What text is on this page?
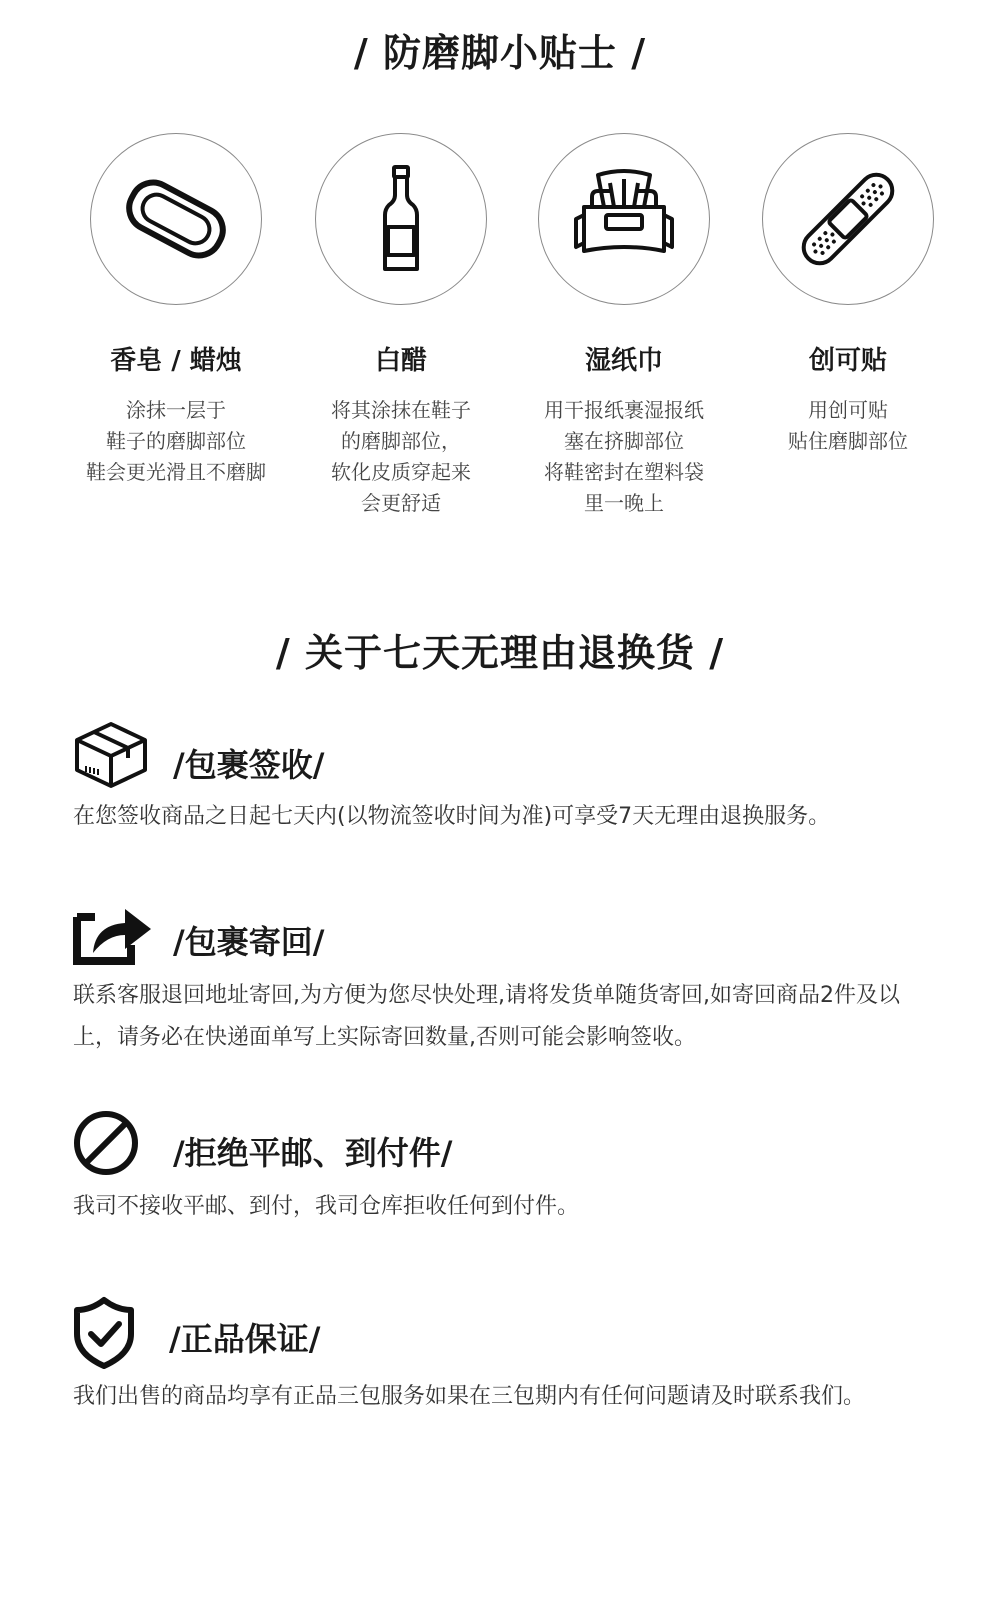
/ 防磨脚小贴士 /
香皂 / 蜡烛
涂抹一层于
鞋子的磨脚部位
鞋会更光滑且不磨脚
白醋
将其涂抹在鞋子
的磨脚部位，
软化皮质穿起来
会更舒适
湿纸巾
用干报纸裹湿报纸
塞在挤脚部位
将鞋密封在塑料袋
里一晚上
创可贴
用创可贴
贴住磨脚部位
/ 关于七天无理由退换货 /
/包裹签收/
在您签收商品之日起七天内(以物流签收时间为准)可享受7天无理由退换服务。
/包裹寄回/
联系客服退回地址寄回,为方便为您尽快处理,请将发货单随货寄回,如寄回商品2件及以上，请务必在快递面单写上实际寄回数量,否则可能会影响签收。
/拒绝平邮、到付件/
我司不接收平邮、到付，我司仓库拒收任何到付件。
/正品保证/
我们出售的商品均享有正品三包服务如果在三包期内有任何问题请及时联系我们。
